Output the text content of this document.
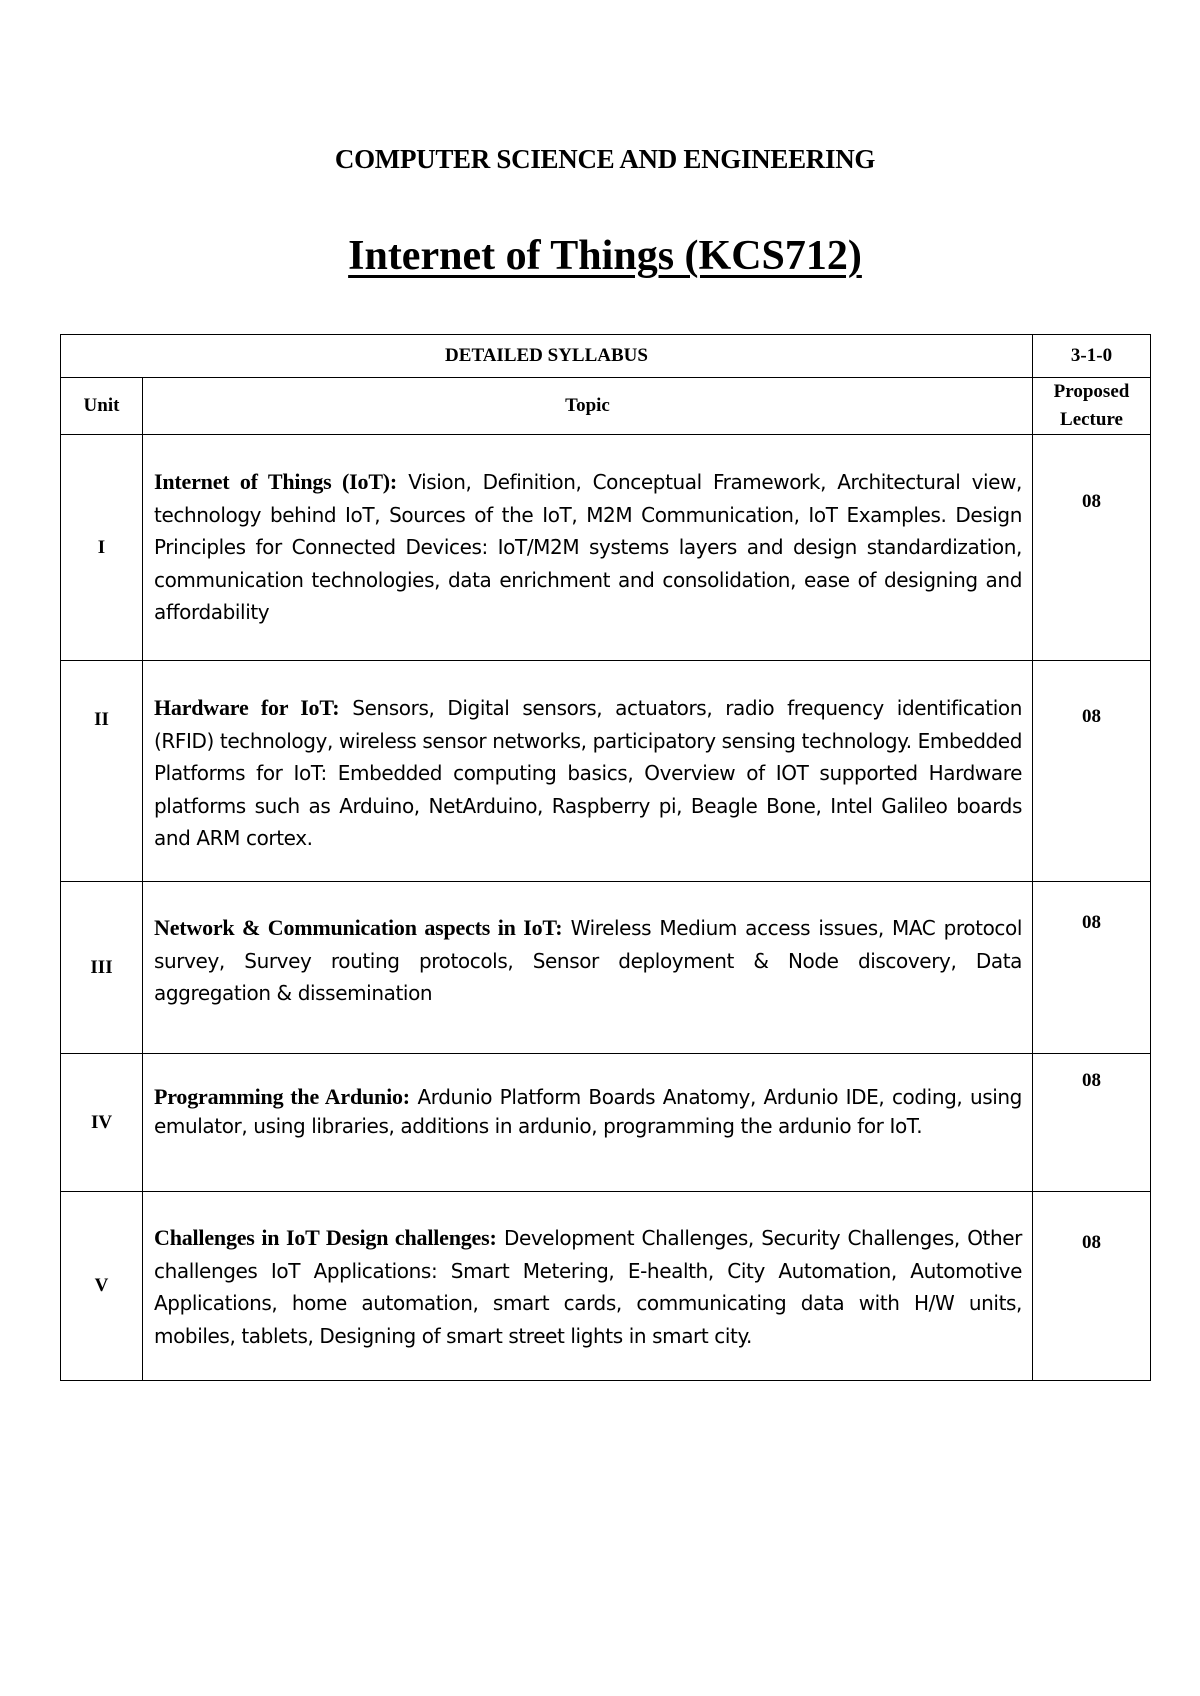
COMPUTER SCIENCE AND ENGINEERING
Internet of Things (KCS712)
DETAILED SYLLABUS		3-1-0
Unit	Topic	Proposed Lecture
I	Internet of Things (IoT): Vision, Definition, Conceptual Framework, Architectural view, technology behind IoT, Sources of the IoT, M2M Communication, IoT Examples. Design Principles for Connected Devices: IoT/M2M systems layers and design standardization, communication technologies, data enrichment and consolidation, ease of designing and affordability	08

II	Hardware for IoT: Sensors, Digital sensors, actuators, radio frequency identification (RFID) technology, wireless sensor networks, participatory sensing technology. Embedded Platforms for IoT: Embedded computing basics, Overview of IOT supported Hardware platforms such as Arduino, NetArduino, Raspberry pi, Beagle Bone, Intel Galileo boards and ARM cortex.	08

III	Network & Communication aspects in IoT: Wireless Medium access issues, MAC protocol survey, Survey routing protocols, Sensor deployment & Node discovery, Data aggregation & dissemination	08

IV	Programming the Ardunio: Ardunio Platform Boards Anatomy, Ardunio IDE, coding, using emulator, using libraries, additions in ardunio, programming the ardunio for IoT.	08

V	Challenges in IoT Design challenges: Development Challenges, Security Challenges, Other challenges IoT Applications: Smart Metering, E-health, City Automation, Automotive Applications, home automation, smart cards, communicating data with H/W units, mobiles, tablets, Designing of smart street lights in smart city.	08
